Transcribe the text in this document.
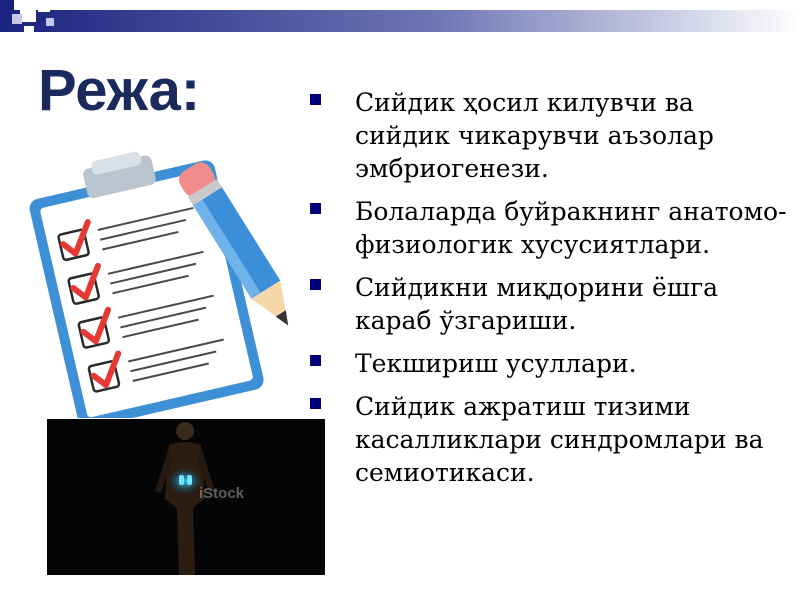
Режа:
iStock
Сийдик ҳосил килувчи ва сийдик чикарувчи аъзолар эмбриогенези.
Болаларда буйракнинг анатомо-физиологик хусусиятлари.
Сийдикни миқдорини ёшга караб ўзгариши.
Текшириш усуллари.
Сийдик ажратиш тизими касалликлари синдромлари ва семиотикаси.
